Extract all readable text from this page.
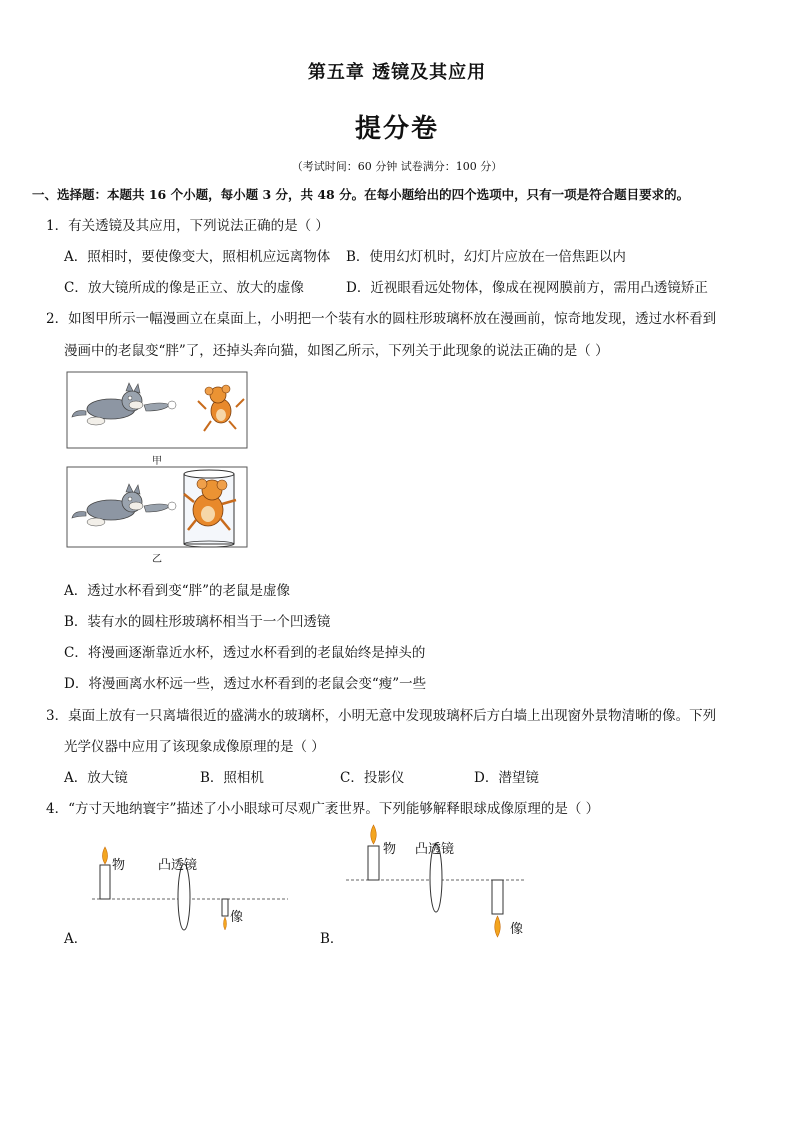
第五章 透镜及其应用
提分卷
（考试时间：60 分钟 试卷满分：100 分）
一、选择题：本题共 16 个小题，每小题 3 分，共 48 分。在每小题给出的四个选项中，只有一项是符合题目要求的。
1．有关透镜及其应用，下列说法正确的是（ ）
A．照相时，要使像变大，照相机应远离物体 B．使用幻灯机时，幻灯片应放在一倍焦距以内
C．放大镜所成的像是正立、放大的虚像	D．近视眼看远处物体，像成在视网膜前方，需用凸透镜矫正
2．如图甲所示一幅漫画立在桌面上，小明把一个装有水的圆柱形玻璃杯放在漫画前，惊奇地发现，透过水杯看到
漫画中的老鼠变“胖”了，还掉头奔向猫，如图乙所示，下列关于此现象的说法正确的是（ ）
甲
乙
A．透过水杯看到变“胖”的老鼠是虚像
B．装有水的圆柱形玻璃杯相当于一个凹透镜
C．将漫画逐渐靠近水杯，透过水杯看到的老鼠始终是掉头的
D．将漫画离水杯远一些，透过水杯看到的老鼠会变“瘦”一些
3．桌面上放有一只离墙很近的盛满水的玻璃杯，小明无意中发现玻璃杯后方白墙上出现窗外景物清晰的像。下列
光学仪器中应用了该现象成像原理的是（ ）
A．放大镜	B．照相机	C．投影仪	D．潜望镜
4．“方寸天地纳寰宇”描述了小小眼球可尽观广袤世界。下列能够解释眼球成像原理的是（ ）
物	凸透镜
像
A．
物 凸透镜
像
B．
